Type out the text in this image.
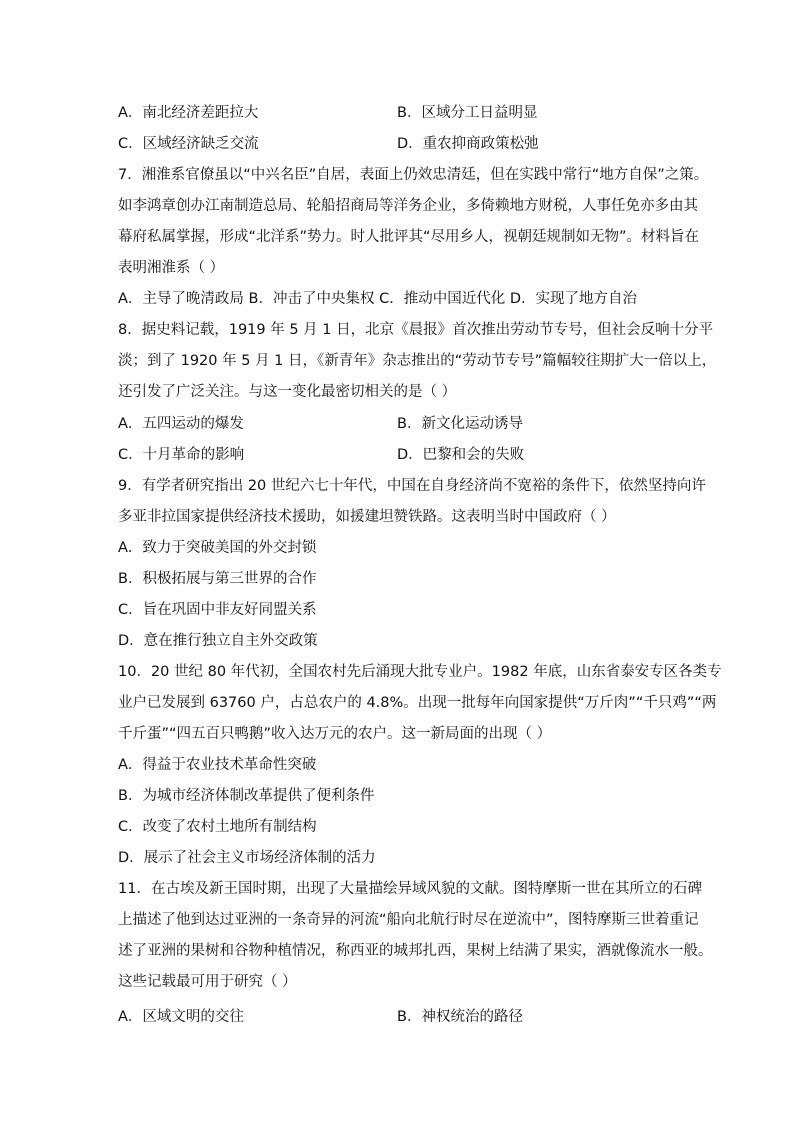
A．南北经济差距拉大	B．区域分工日益明显
C．区域经济缺乏交流	D．重农抑商政策松弛
7．湘淮系官僚虽以“中兴名臣”自居，表面上仍效忠清廷，但在实践中常行“地方自保”之策。
如李鸿章创办江南制造总局、轮船招商局等洋务企业，多倚赖地方财税，人事任免亦多由其
幕府私属掌握，形成“北洋系”势力。时人批评其“尽用乡人，视朝廷规制如无物”。材料旨在
表明湘淮系（ ）
A．主导了晚清政局 B．冲击了中央集权 C．推动中国近代化 D．实现了地方自治
8．据史料记载，1919 年 5 月 1 日，北京《晨报》首次推出劳动节专号，但社会反响十分平
淡；到了 1920 年 5 月 1 日，《新青年》杂志推出的“劳动节专号”篇幅较往期扩大一倍以上，
还引发了广泛关注。与这一变化最密切相关的是（ ）
A．五四运动的爆发	B．新文化运动诱导
C．十月革命的影响	D．巴黎和会的失败
9．有学者研究指出 20 世纪六七十年代，中国在自身经济尚不宽裕的条件下，依然坚持向许
多亚非拉国家提供经济技术援助，如援建坦赞铁路。这表明当时中国政府（ ）
A．致力于突破美国的外交封锁
B．积极拓展与第三世界的合作
C．旨在巩固中非友好同盟关系
D．意在推行独立自主外交政策
10．20 世纪 80 年代初，全国农村先后涌现大批专业户。1982 年底，山东省泰安专区各类专
业户已发展到 63760 户，占总农户的 4.8%。出现一批每年向国家提供“万斤肉”“千只鸡”“两
千斤蛋”“四五百只鸭鹅”收入达万元的农户。这一新局面的出现（ ）
A．得益于农业技术革命性突破
B．为城市经济体制改革提供了便利条件
C．改变了农村土地所有制结构
D．展示了社会主义市场经济体制的活力
11．在古埃及新王国时期，出现了大量描绘异域风貌的文献。图特摩斯一世在其所立的石碑
上描述了他到达过亚洲的一条奇异的河流“船向北航行时尽在逆流中”，图特摩斯三世着重记
述了亚洲的果树和谷物种植情况，称西亚的城邦扎西，果树上结满了果实，酒就像流水一般。
这些记载最可用于研究（ ）
A．区域文明的交往	B．神权统治的路径
